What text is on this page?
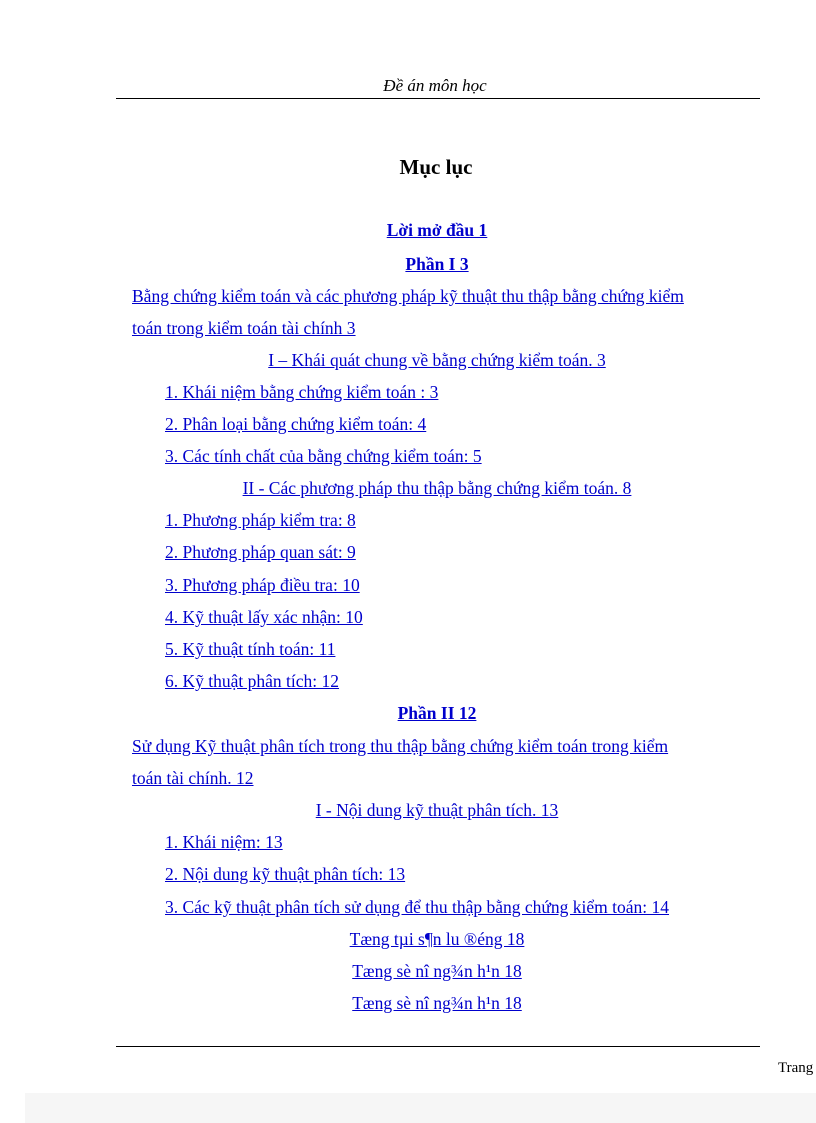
Đề án môn học
Mục lục
Lời mở đầu 1
Phần I 3
Bằng chứng kiểm toán và các phương pháp kỹ thuật thu thập bằng chứng kiểm
toán trong kiểm toán tài chính 3
I – Khái quát chung về bằng chứng kiểm toán. 3
1. Khái niệm bằng chứng kiểm toán : 3
2. Phân loại bằng chứng kiểm toán: 4
3. Các tính chất của bằng chứng kiểm toán: 5
II - Các phương pháp thu thập bằng chứng kiểm toán. 8
1. Phương pháp kiểm tra: 8
2. Phương pháp quan sát: 9
3. Phương pháp điều tra: 10
4. Kỹ thuật lấy xác nhận: 10
5. Kỹ thuật tính toán: 11
6. Kỹ thuật phân tích: 12
Phần II 12
Sử dụng Kỹ thuật phân tích trong thu thập bằng chứng kiểm toán trong kiểm
toán tài chính. 12
I - Nội dung kỹ thuật phân tích. 13
1. Khái niệm: 13
2. Nội dung kỹ thuật phân tích: 13
3. Các kỹ thuật phân tích sử dụng để thu thập bằng chứng kiểm toán: 14
Tæng tµi s¶n lu ®éng 18
Tæng sè nî ng¾n h¹n 18
Tæng sè nî ng¾n h¹n 18
Trang
